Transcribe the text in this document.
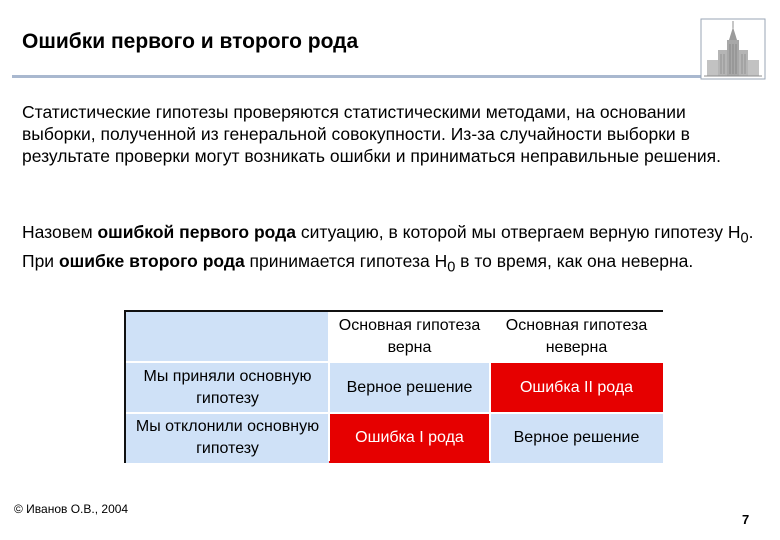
Ошибки первого и второго рода
Статистические гипотезы проверяются статистическими методами, на основании выборки, полученной из генеральной совокупности. Из-за случайности выборки в результате проверки могут возникать ошибки и приниматься неправильные решения.
Назовем ошибкой первого рода ситуацию, в которой мы отвергаем верную гипотезу $Н_0$. При ошибке второго рода принимается гипотеза $Н_0$ в то время, как она неверна.
Основная гипотеза верна
Основная гипотеза неверна
Мы приняли основную гипотезу
Мы отклонили основную гипотезу
Верное решение	Ошибка II рода
Ошибка I рода	Верное решение
© Иванов О.В., 2004
7
